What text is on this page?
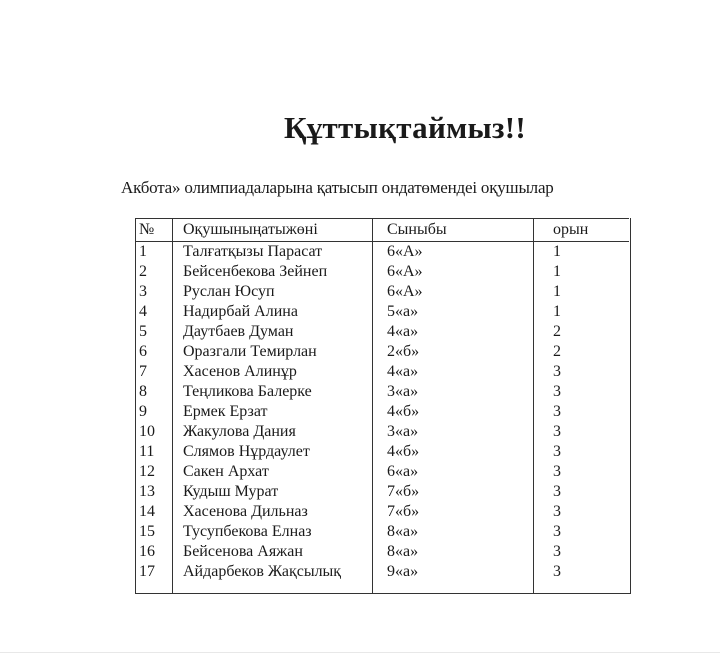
Құттықтаймыз!!
Акбота» олимпиадаларына қатысып ондатөмендеі оқушылар
№	Оқушыныңатыжөні	Сыныбы	орын
1	Талғатқызы Парасат	6«А»	1
2	Бейсенбекова Зейнеп	6«А»	1
3	Руслан Юсуп	6«А»	1
4	Надирбай Алина	5«а»	1
5	Даутбаев Думан	4«а»	2
6	Оразгали Темирлан	2«б»	2
7	Хасенов Алинұр	4«а»	3
8	Теңликова Балерке	3«а»	3
9	Ермек Ерзат	4«б»	3
10	Жакулова Дания	3«а»	3
11	Слямов Нұрдаулет	4«б»	3
12	Сакен Архат	6«а»	3
13	Кудыш Мурат	7«б»	3
14	Хасенова Дильназ	7«б»	3
15	Тусупбекова Елназ	8«а»	3
16	Бейсенова Аяжан	8«а»	3
17	Айдарбеков Жақсылық	9«а»	3
